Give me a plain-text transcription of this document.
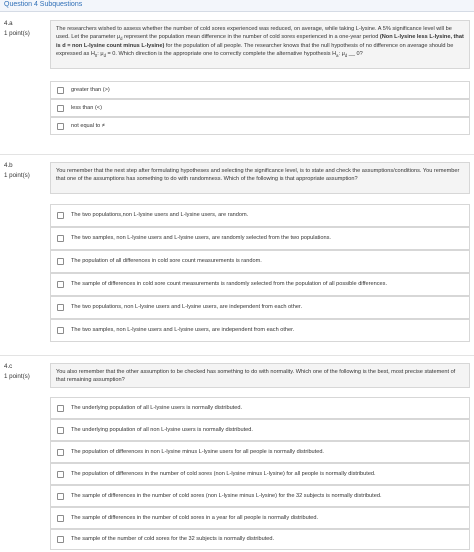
Question 4 Subquestions
4.a
1 point(s)

The researchers wished to assess whether the number of cold sores experienced was reduced, on average, while taking L-lysine. A 5% significance level will be used. Let the parameter $\mu_d$ represent the population mean difference in the number of cold sores experienced in a one-year period (Non L-lysine less L-lysine, that is d = non L-lysine count minus L-lysine) for the population of all people. The researcher knows that the null hypothesis of no difference on average should be expressed as $H_0$: $\mu_d = 0$. Which direction is the appropriate one to correctly complete the alternative hypothesis $H_a$: $\mu_d$ __ 0?

greater than (>)
less than (<)
not equal to ≠
4.b
1 point(s)

You remember that the next step after formulating hypotheses and selecting the significance level, is to state and check the assumptions/conditions. You remember that one of the assumptions has something to do with randomness. Which of the following is that appropriate assumption?

The two populations,non L-lysine users and L-lysine users, are random.
The two samples, non L-lysine users and L-lysine users, are randomly selected from the two populations.
The population of all differences in cold sore count measurements is random.
The sample of differences in cold sore count measurements is randomly selected from the population of all possible differences.
The two populations, non L-lysine users and L-lysine users, are independent from each other.
The two samples, non L-lysine users and L-lysine users, are independent from each other.
4.c
1 point(s)

You also remember that the other assumption to be checked has something to do with normality. Which one of the following is the best, most precise statement of that remaining assumption?

The underlying population of all L-lysine users is normally distributed.
The underlying population of all non L-lysine users is normally distributed.
The population of differences in non L-lysine minus L-lysine users for all people is normally distributed.
The population of differences in the number of cold sores (non L-lysine minus L-lysine) for all people is normally distributed.
The sample of differences in the number of cold sores (non L-lysine minus L-lysine) for the 32 subjects is normally distributed.
The sample of differences in the number of cold sores in a year for all people is normally distributed.
The sample of the number of cold sores for the 32 subjects is normally distributed.
